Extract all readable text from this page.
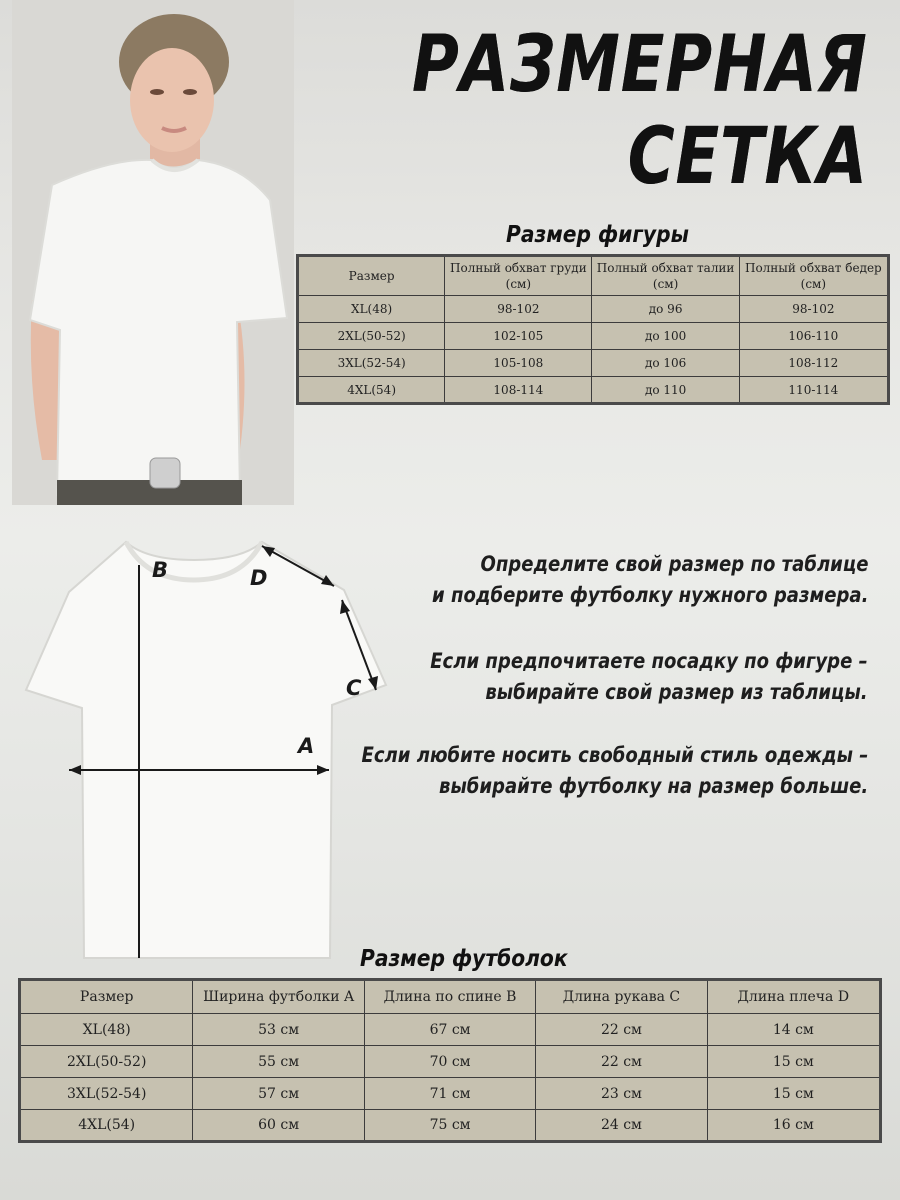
РАЗМЕРНАЯ
СЕТКА
Размер фигуры
Размер	Полный обхват груди (см)	Полный обхват талии (см)	Полный обхват бедер (см)
XL(48)	98-102	до 96	98-102
2XL(50-52)	102-105	до 100	106-110
3XL(52-54)	105-108	до 106	108-112
4XL(54)	108-114	до 110	110-114
B	D
C
A
Определите свой размер по таблице
и подберите футболку нужного размера.
Если предпочитаете посадку по фигуре –
выбирайте свой размер из таблицы.
Если любите носить свободный стиль одежды –
выбирайте футболку на размер больше.
Размер футболок
Размер	Ширина футболки A	Длина по спине B	Длина рукава C	Длина плеча D
XL(48)	53 см	67 см	22 см	14 см
2XL(50-52)	55 см	70 см	22 см	15 см
3XL(52-54)	57 см	71 см	23 см	15 см
4XL(54)	60 см	75 см	24 см	16 см
